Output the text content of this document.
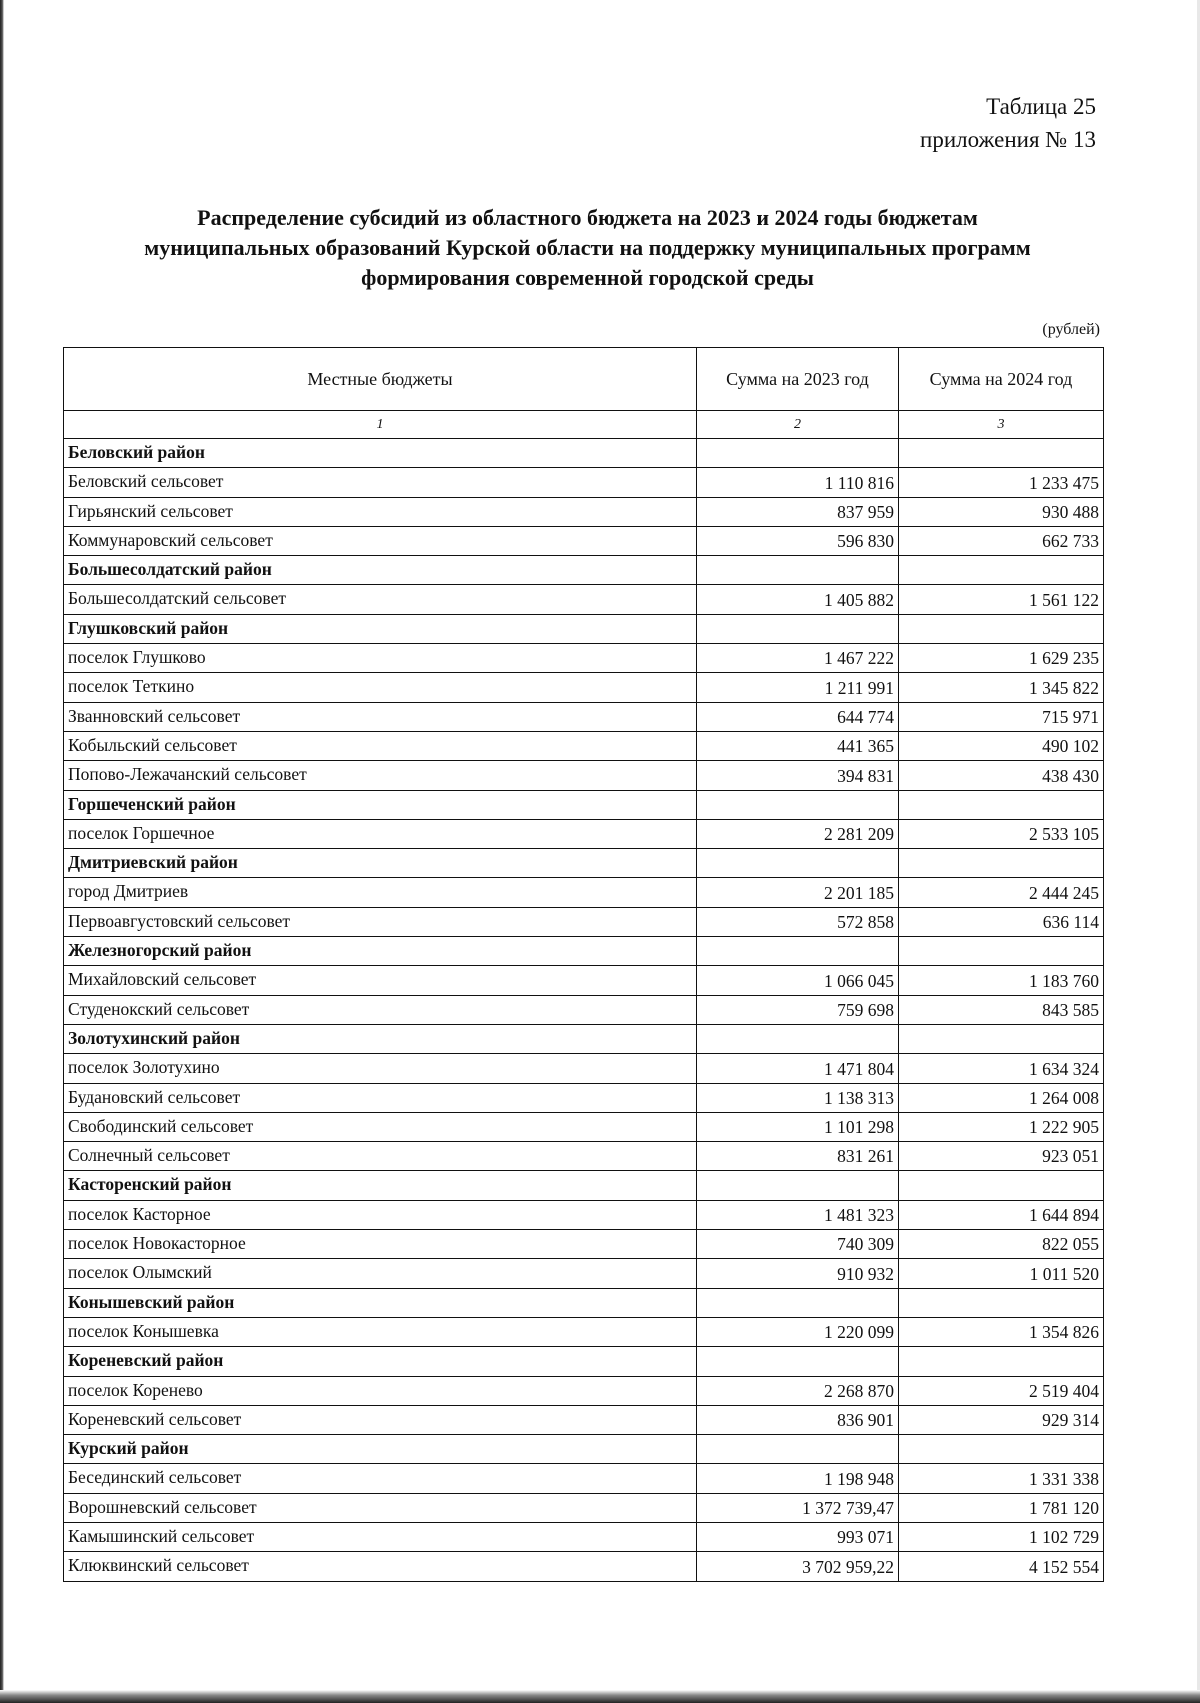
Таблица 25
приложения № 13
Распределение субсидий из областного бюджета на 2023 и 2024 годы бюджетам
муниципальных образований Курской области на поддержку муниципальных программ
формирования современной городской среды
(рублей)
Местные бюджеты	Сумма на 2023 год	Сумма на 2024 год
1	2	3
Беловский район		
Беловский сельсовет	1 110 816	1 233 475
Гирьянский сельсовет	837 959	930 488
Коммунаровский сельсовет	596 830	662 733
Большесолдатский район		
Большесолдатский сельсовет	1 405 882	1 561 122
Глушковский район		
поселок Глушково	1 467 222	1 629 235
поселок Теткино	1 211 991	1 345 822
Званновский сельсовет	644 774	715 971
Кобыльский сельсовет	441 365	490 102
Попово-Лежачанский сельсовет	394 831	438 430
Горшеченский район		
поселок Горшечное	2 281 209	2 533 105
Дмитриевский район		
город Дмитриев	2 201 185	2 444 245
Первоавгустовский сельсовет	572 858	636 114
Железногорский район		
Михайловский сельсовет	1 066 045	1 183 760
Студенокский сельсовет	759 698	843 585
Золотухинский район		
поселок Золотухино	1 471 804	1 634 324
Будановский сельсовет	1 138 313	1 264 008
Свободинский сельсовет	1 101 298	1 222 905
Солнечный сельсовет	831 261	923 051
Касторенский район		
поселок Касторное	1 481 323	1 644 894
поселок Новокасторное	740 309	822 055
поселок Олымский	910 932	1 011 520
Конышевский район		
поселок Конышевка	1 220 099	1 354 826
Кореневский район		
поселок Коренево	2 268 870	2 519 404
Кореневский сельсовет	836 901	929 314
Курский район		
Бесединский сельсовет	1 198 948	1 331 338
Ворошневский сельсовет	1 372 739,47	1 781 120
Камышинский сельсовет	993 071	1 102 729
Клюквинский сельсовет	3 702 959,22	4 152 554
